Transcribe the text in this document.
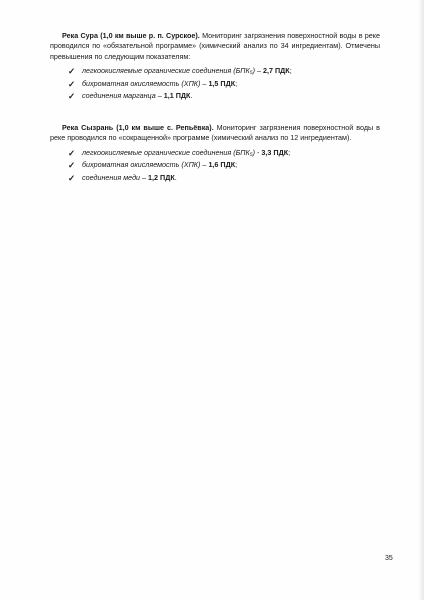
Река Сура (1,0 км выше р. п. Сурское). Мониторинг загрязнения поверхностной воды в реке проводился по «обязательной программе» (химический анализ по 34 ингредиентам). Отмечены превышения по следующим показателям:

✓ легкоокисляемые органические соединения (БПК₅) – 2,7 ПДК;
✓ бихроматная окисляемость (ХПК) – 1,5 ПДК;
✓ соединения марганца – 1,1 ПДК.

Река Сызрань (1,0 км выше с. Репьёвка). Мониторинг загрязнения поверхностной воды в реке проводился по «сокращенной» программе (химический анализ по 12 ингредиентам).

✓ легкоокисляемые органические соединения (БПК₅) - 3,3 ПДК;
✓ бихроматная окисляемость (ХПК) – 1,6 ПДК;
✓ соединения меди – 1,2 ПДК.
35
